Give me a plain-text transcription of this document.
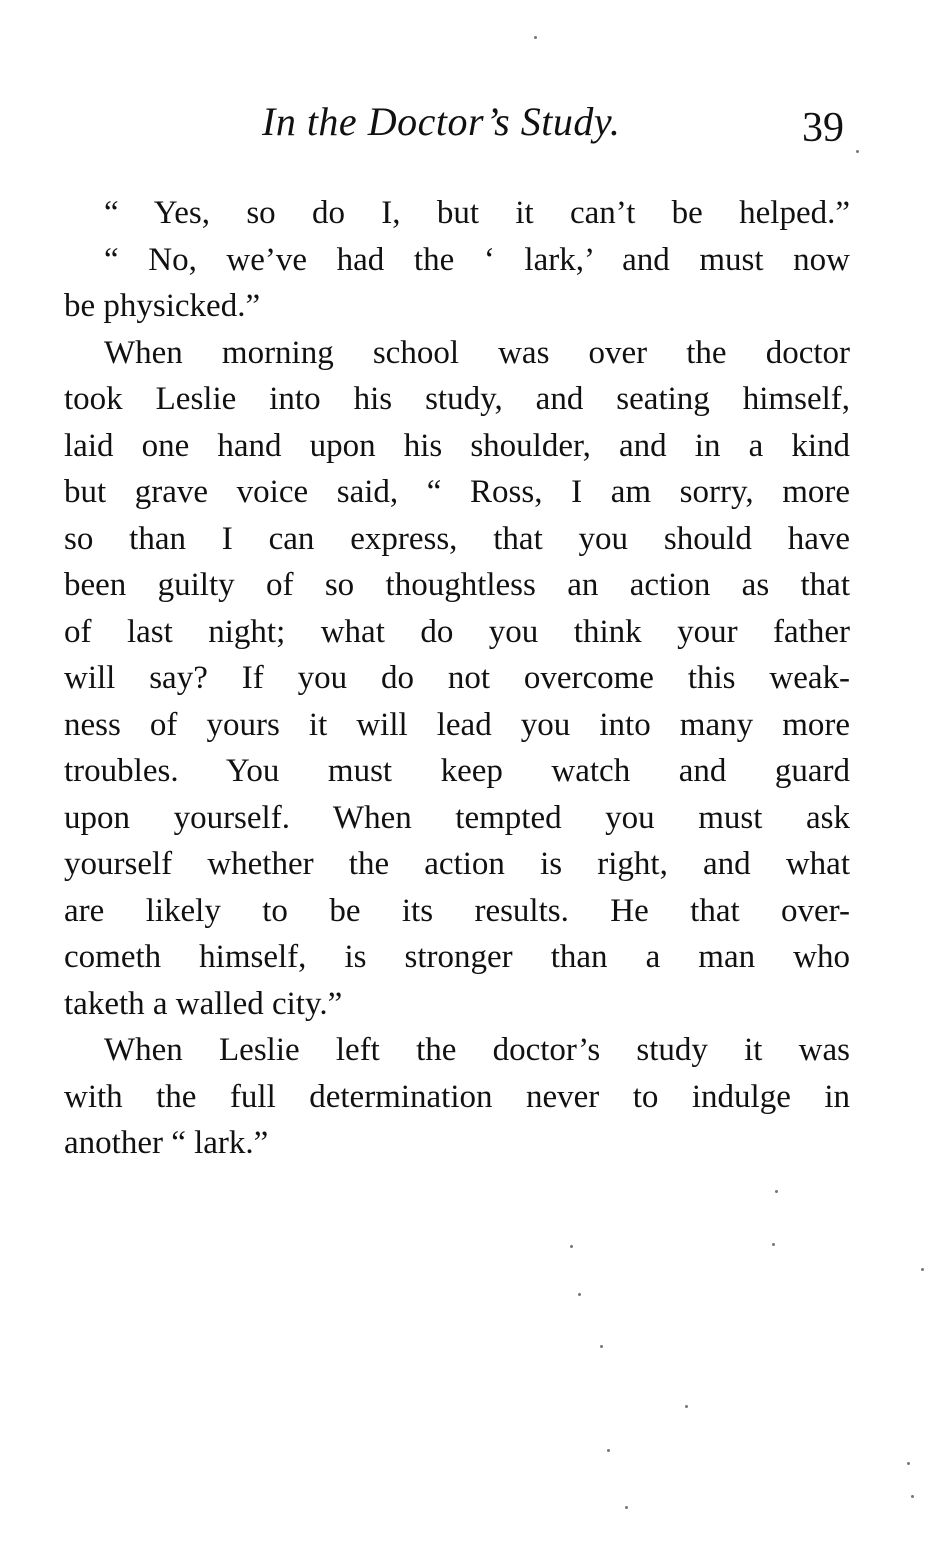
In the Doctor’s Study.	39
“ Yes, so do I, but it can’t be helped.”
“ No, we’ve had the ‘ lark,’ and must now
be physicked.”
When morning school was over the doctor
took Leslie into his study, and seating himself,
laid one hand upon his shoulder, and in a kind
but grave voice said, “ Ross, I am sorry, more
so than I can express, that you should have
been guilty of so thoughtless an action as that
of last night; what do you think your father
will say? If you do not overcome this weak-
ness of yours it will lead you into many more
troubles. You must keep watch and guard
upon yourself. When tempted you must ask
yourself whether the action is right, and what
are likely to be its results. He that over-
cometh himself, is stronger than a man who
taketh a walled city.”
When Leslie left the doctor’s study it was
with the full determination never to indulge in
another “ lark.”
